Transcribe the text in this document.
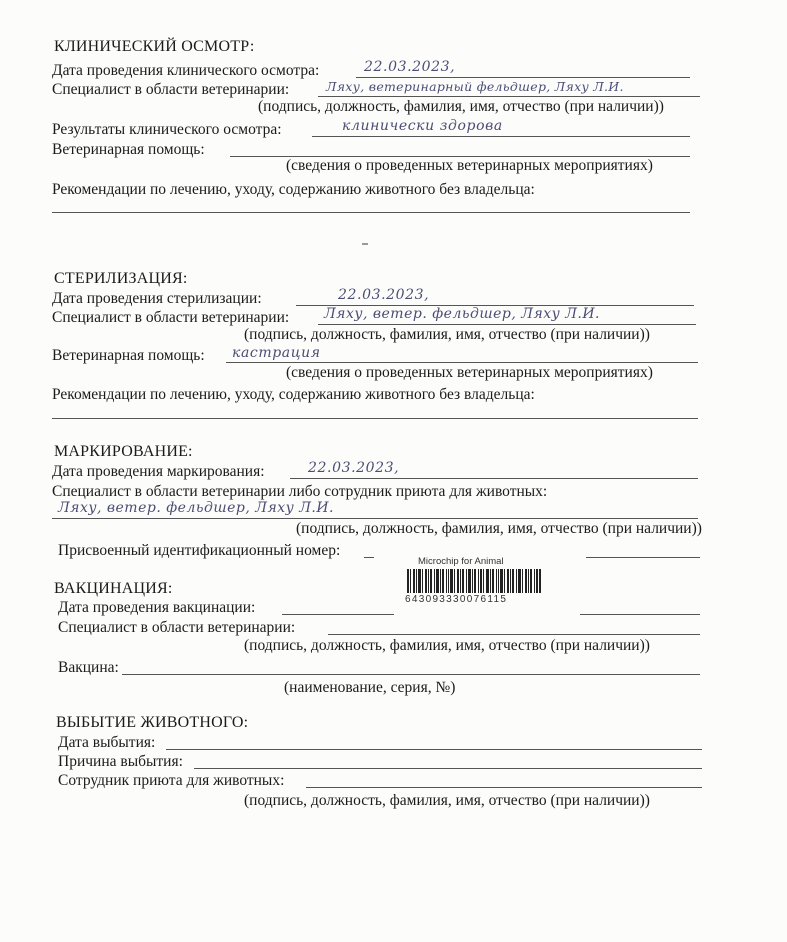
КЛИНИЧЕСКИЙ ОСМОТР:
Дата проведения клинического осмотра:	22.03.2023,
Специалист в области ветеринарии:	Ляху, ветеринарный фельдшер, Ляху Л.И.
(подпись, должность, фамилия, имя, отчество (при наличии))
Результаты клинического осмотра:	клинически здорова
Ветеринарная помощь:
(сведения о проведенных ветеринарных мероприятиях)
Рекомендации по лечению, уходу, содержанию животного без владельца:
СТЕРИЛИЗАЦИЯ:
Дата проведения стерилизации:	22.03.2023,
Специалист в области ветеринарии: Ляху, ветер. фельдшер, Ляху Л.И.
(подпись, должность, фамилия, имя, отчество (при наличии))
Ветеринарная помощь: кастрация
(сведения о проведенных ветеринарных мероприятиях)
Рекомендации по лечению, уходу, содержанию животного без владельца:
МАРКИРОВАНИЕ:
Дата проведения маркирования:	22.03.2023,
Специалист в области ветеринарии либо сотрудник приюта для животных:
Ляху, ветер. фельдшер, Ляху Л.И.
(подпись, должность, фамилия, имя, отчество (при наличии))
Присвоенный идентификационный номер:
Microchip for Animal
643093330076115
ВАКЦИНАЦИЯ:
Дата проведения вакцинации:
Специалист в области ветеринарии:
(подпись, должность, фамилия, имя, отчество (при наличии))
Вакцина:
(наименование, серия, №)
ВЫБЫТИЕ ЖИВОТНОГО:
Дата выбытия:
Причина выбытия:
Сотрудник приюта для животных:
(подпись, должность, фамилия, имя, отчество (при наличии))
